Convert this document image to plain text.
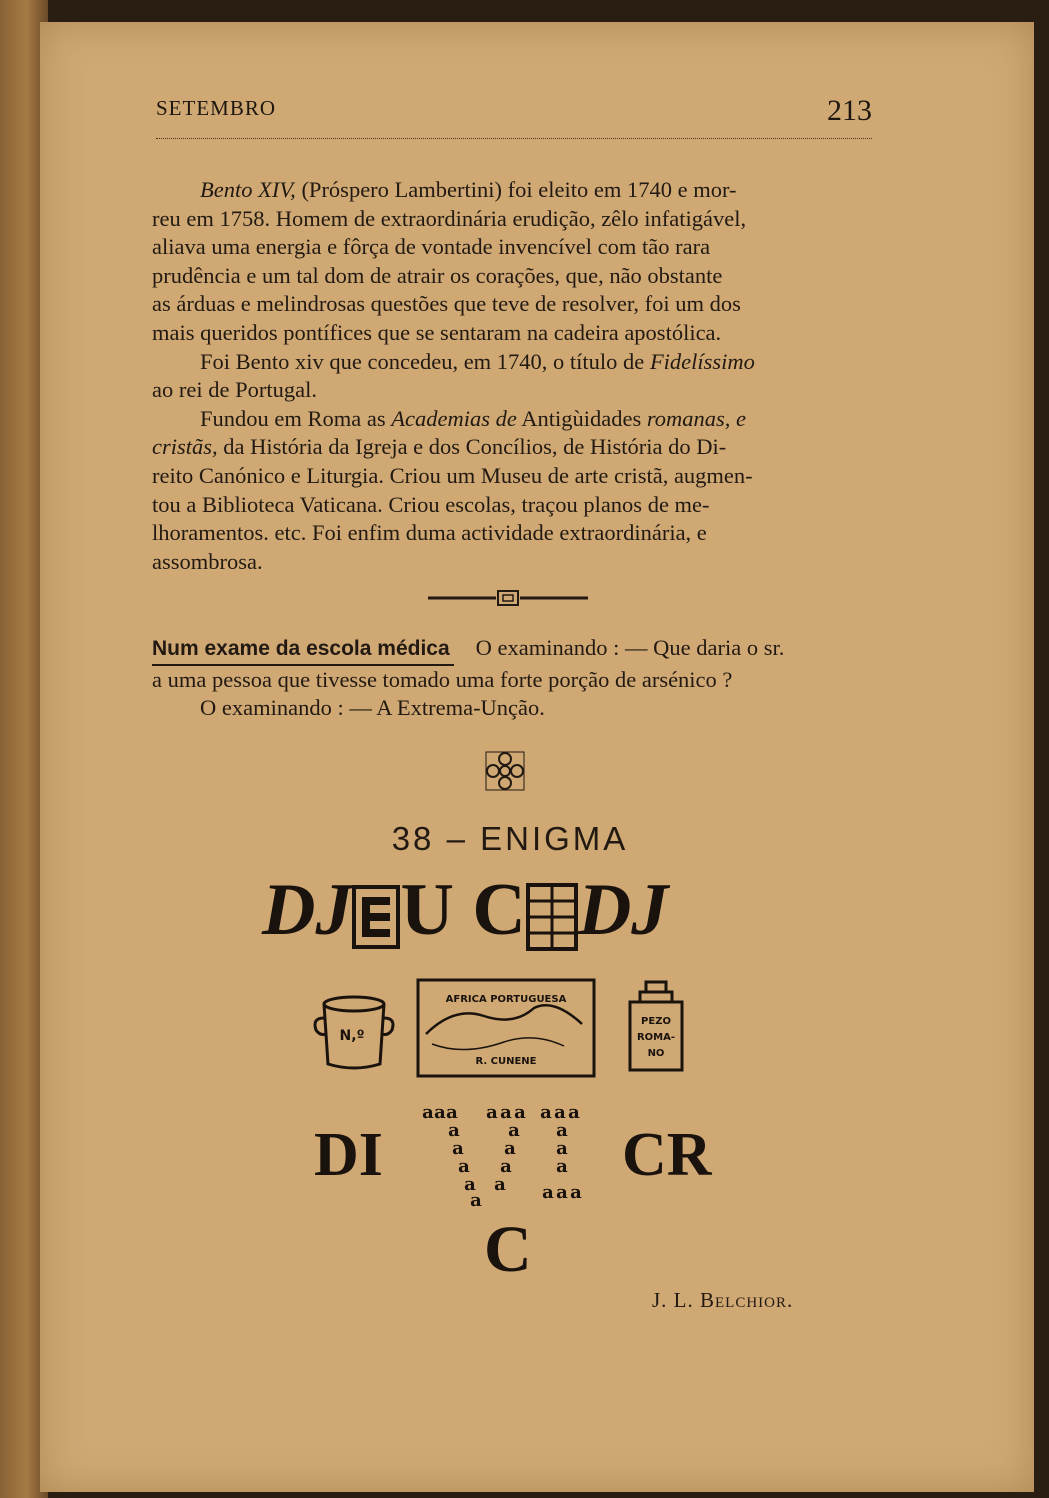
SETEMBRO	213

Bento XIV, (Próspero Lambertini) foi eleito em 1740 e mor-

reu em 1758. Homem de extraordinária erudição, zêlo infatigável,

aliava uma energia e fôrça de vontade invencível com tão rara

prudência e um tal dom de atrair os corações, que, não obstante

as árduas e melindrosas questões que teve de resolver, foi um dos

mais queridos pontífices que se sentaram na cadeira apostólica.

Foi Bento xiv que concedeu, em 1740, o título de Fidelíssimo

ao rei de Portugal.

Fundou em Roma as Academias de Antigùidades romanas, e

cristãs, da História da Igreja e dos Concílios, de História do Di-

reito Canónico e Liturgia. Criou um Museu de arte cristã, augmen-

tou a Biblioteca Vaticana. Criou escolas, traçou planos de me-

lhoramentos. etc. Foi enfim duma actividade extraordinária, e

assombrosa.

Num exame da escola médica O examinando : — Que daria o sr.

a uma pessoa que tivesse tomado uma forte porção de arsénico ?

O examinando : — A Extrema-Unção.

38 – ENIGMA
DJ U C DJ
N,º
AFRICA PORTUGUESA
R. CUNENE
PEZO
ROMA-
NO
DI
a a a
a
a
a
a
a
a a a
a
a
a
a
a a a
a
a
a
a a a
CR
C
J. L. Belchior.
